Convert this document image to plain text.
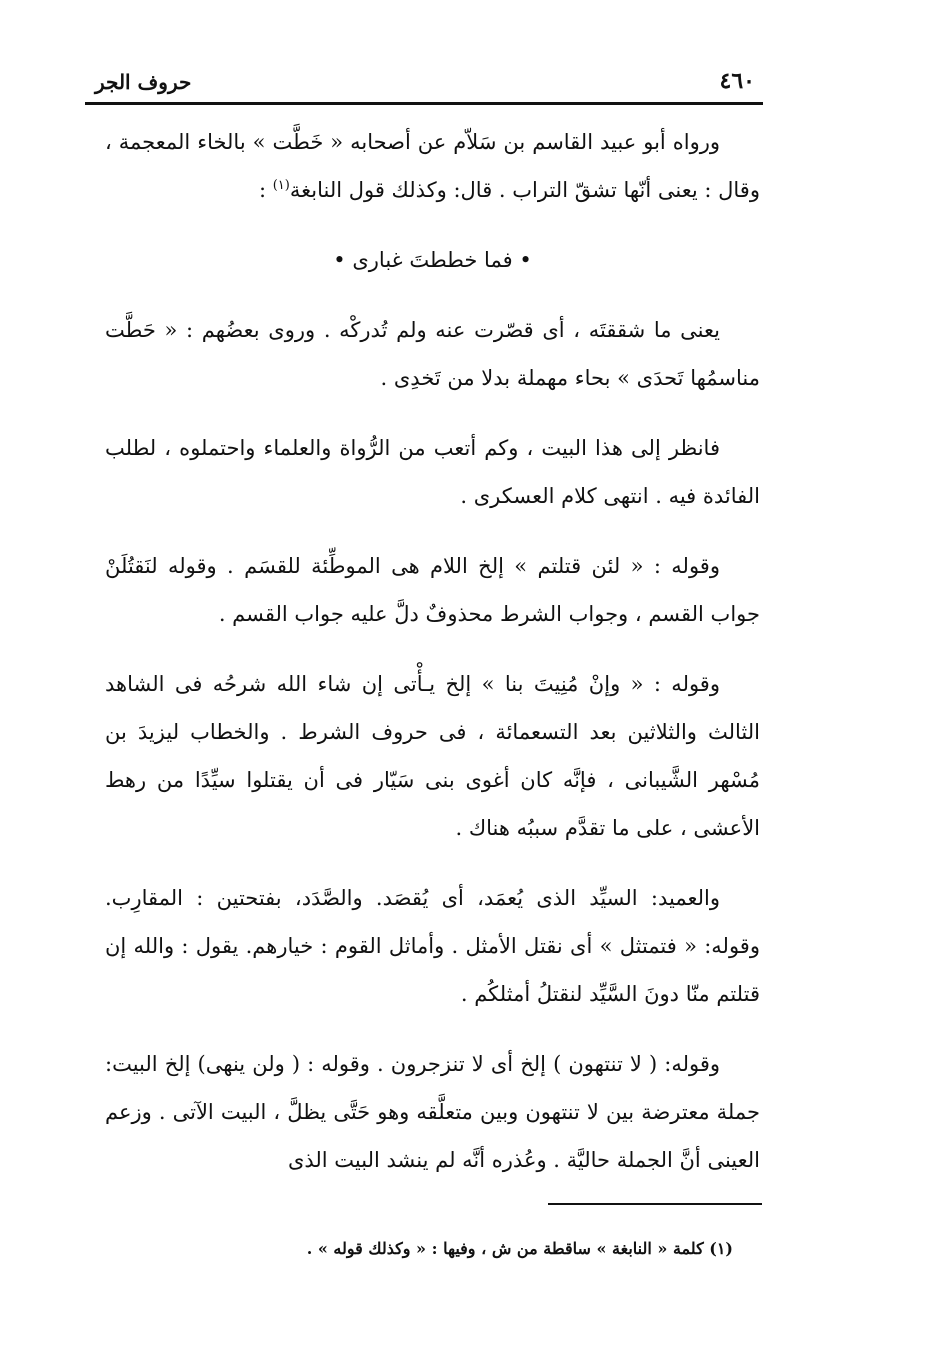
٤٦٠
حروف الجر

ورواه أبو عبيد القاسم بن سَلاّم عن أصحابه « خَطَّت » بالخاء المعجمة ، وقال : يعنى أنّها تشقّ التراب . قال: وكذلك قول النابغة$^{(١)}$ :

• فما خططتَ غبارى •

يعنى ما شققتَه ، أى قصّرت عنه ولم تُدركْه . وروى بعضُهم : « حَطَّت مناسمُها تَحدَى » بحاء مهملة بدلا من تَخدِى .

فانظر إلى هذا البيت ، وكم أتعب من الرُّواة والعلماء واحتملوه ، لطلب الفائدة فيه . انتهى كلام العسكرى .

وقوله : « لئن قتلتم » إلخ اللام هى الموطِّئة للقسَم . وقوله لنَقتُلَنْ جواب القسم ، وجواب الشرط محذوفٌ دلَّ عليه جواب القسم .

وقوله : « وإنْ مُنِيتَ بنا » إلخ يـأْتى إن شاء الله شرحُه فى الشاهد الثالث والثلاثين بعد التسعمائة ، فى حروف الشرط . والخطاب ليزيدَ بن مُسْهر الشَّيبانى ، فإنَّه كان أغوى بنى سَيّار فى أن يقتلوا سيِّدًا من رهط الأعشى ، على ما تقدَّم سببُه هناك .

والعميد: السيِّد الذى يُعمَد، أى يُقصَد. والصَّدَد، بفتحتين : المقارِب. وقوله: « فتمتثل » أى نقتل الأمثل . وأماثل القوم : خيارهم. يقول : والله إن قتلتم منّا دونَ السَّيِّد لنقتلُ أمثلكُم .

وقوله: ( لا تنتهون ) إلخ أى لا تنزجرون . وقوله : ( ولن ينهى) إلخ البيت: جملة معترضة بين لا تنتهون وبين متعلَّقه وهو حَتَّى يظلَّ ، البيت الآتى . وزعم العينى أنَّ الجملة حاليَّة . وعُذره أنَّه لم ينشد البيت الذى

(١) كلمة « النابغة » ساقطة من ش ، وفيها : « وكذلك قوله » .
